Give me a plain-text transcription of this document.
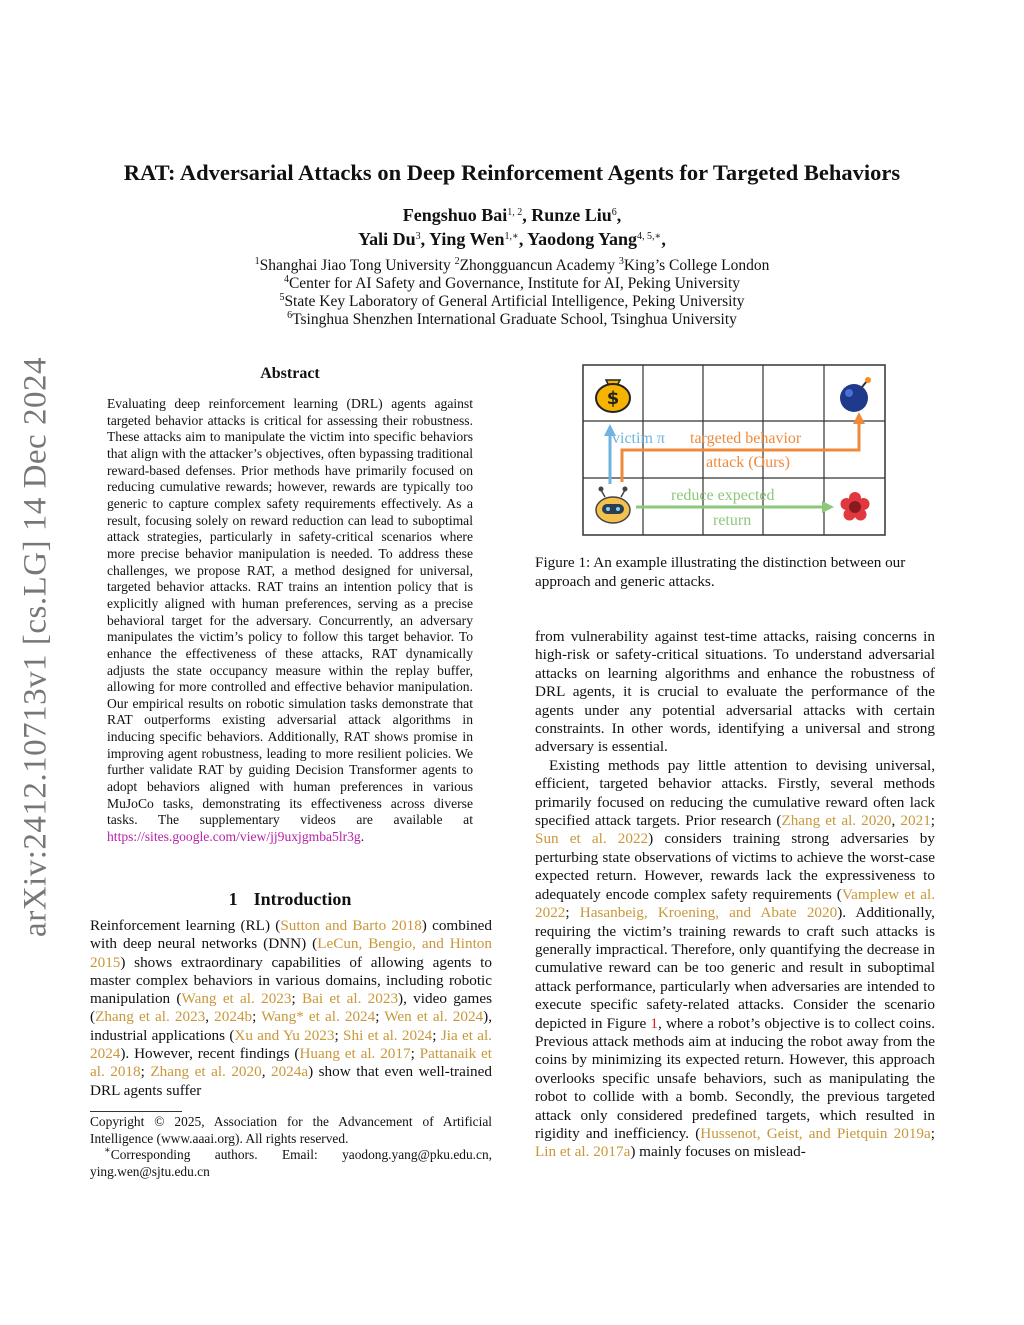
arXiv:2412.10713v1 [cs.LG] 14 Dec 2024
RAT: Adversarial Attacks on Deep Reinforcement Agents for Targeted Behaviors
Fengshuo Bai$^{1, 2}$, Runze Liu$^6$,
Yali Du$^3$, Ying Wen$^{1,∗}$, Yaodong Yang$^{4, 5,∗}$,
$^1$Shanghai Jiao Tong University $^2$Zhongguancun Academy $^3$King’s College London
$^4$Center for AI Safety and Governance, Institute for AI, Peking University
$^5$State Key Laboratory of General Artificial Intelligence, Peking University
$^6$Tsinghua Shenzhen International Graduate School, Tsinghua University
Abstract
Evaluating deep reinforcement learning (DRL) agents against targeted behavior attacks is critical for assessing their robustness. These attacks aim to manipulate the victim into specific behaviors that align with the attacker’s objectives, often bypassing traditional reward-based defenses. Prior methods have primarily focused on reducing cumulative rewards; however, rewards are typically too generic to capture complex safety requirements effectively. As a result, focusing solely on reward reduction can lead to suboptimal attack strategies, particularly in safety-critical scenarios where more precise behavior manipulation is needed. To address these challenges, we propose RAT, a method designed for universal, targeted behavior attacks. RAT trains an intention policy that is explicitly aligned with human preferences, serving as a precise behavioral target for the adversary. Concurrently, an adversary manipulates the victim’s policy to follow this target behavior. To enhance the effectiveness of these attacks, RAT dynamically adjusts the state occupancy measure within the replay buffer, allowing for more controlled and effective behavior manipulation. Our empirical results on robotic simulation tasks demonstrate that RAT outperforms existing adversarial attack algorithms in inducing specific behaviors. Additionally, RAT shows promise in improving agent robustness, leading to more resilient policies. We further validate RAT by guiding Decision Transformer agents to adopt behaviors aligned with human preferences in various MuJoCo tasks, demonstrating its effectiveness across diverse tasks. The supplementary videos are available at https://sites.google.com/view/jj9uxjgmba5lr3g.
1 Introduction
Reinforcement learning (RL) (Sutton and Barto 2018) combined with deep neural networks (DNN) (LeCun, Bengio, and Hinton 2015) shows extraordinary capabilities of allowing agents to master complex behaviors in various domains, including robotic manipulation (Wang et al. 2023; Bai et al. 2023), video games (Zhang et al. 2023, 2024b; Wang* et al. 2024; Wen et al. 2024), industrial applications (Xu and Yu 2023; Shi et al. 2024; Jia et al. 2024). However, recent findings (Huang et al. 2017; Pattanaik et al. 2018; Zhang et al. 2020, 2024a) show that even well-trained DRL agents suffer
Copyright © 2025, Association for the Advancement of Artificial Intelligence (www.aaai.org). All rights reserved.
∗Corresponding authors. Email: yaodong.yang@pku.edu.cn, ying.wen@sjtu.edu.cn
$
victim π targeted behavior
attack (Ours)
reduce expected
return
Figure 1: An example illustrating the distinction between our approach and generic attacks.

from vulnerability against test-time attacks, raising concerns in high-risk or safety-critical situations. To understand adversarial attacks on learning algorithms and enhance the robustness of DRL agents, it is crucial to evaluate the performance of the agents under any potential adversarial attacks with certain constraints. In other words, identifying a universal and strong adversary is essential.

Existing methods pay little attention to devising universal, efficient, targeted behavior attacks. Firstly, several methods primarily focused on reducing the cumulative reward often lack specified attack targets. Prior research (Zhang et al. 2020, 2021; Sun et al. 2022) considers training strong adversaries by perturbing state observations of victims to achieve the worst-case expected return. However, rewards lack the expressiveness to adequately encode complex safety requirements (Vamplew et al. 2022; Hasanbeig, Kroening, and Abate 2020). Additionally, requiring the victim’s training rewards to craft such attacks is generally impractical. Therefore, only quantifying the decrease in cumulative reward can be too generic and result in suboptimal attack performance, particularly when adversaries are intended to execute specific safety-related attacks. Consider the scenario depicted in Figure 1, where a robot’s objective is to collect coins. Previous attack methods aim at inducing the robot away from the coins by minimizing its expected return. However, this approach overlooks specific unsafe behaviors, such as manipulating the robot to collide with a bomb. Secondly, the previous targeted attack only considered predefined targets, which resulted in rigidity and inefficiency. (Hussenot, Geist, and Pietquin 2019a; Lin et al. 2017a) mainly focuses on mislead-
